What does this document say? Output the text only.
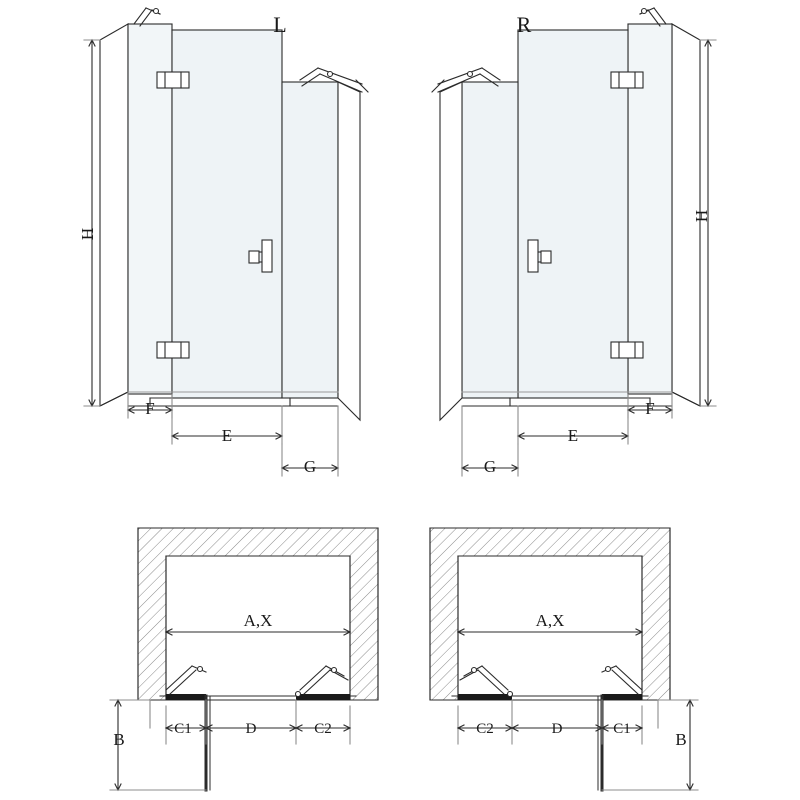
L	R
H
H
F
E
G	G
E
F
A,X	A,X
C1	D	C2	C2	D	C1
B	B
